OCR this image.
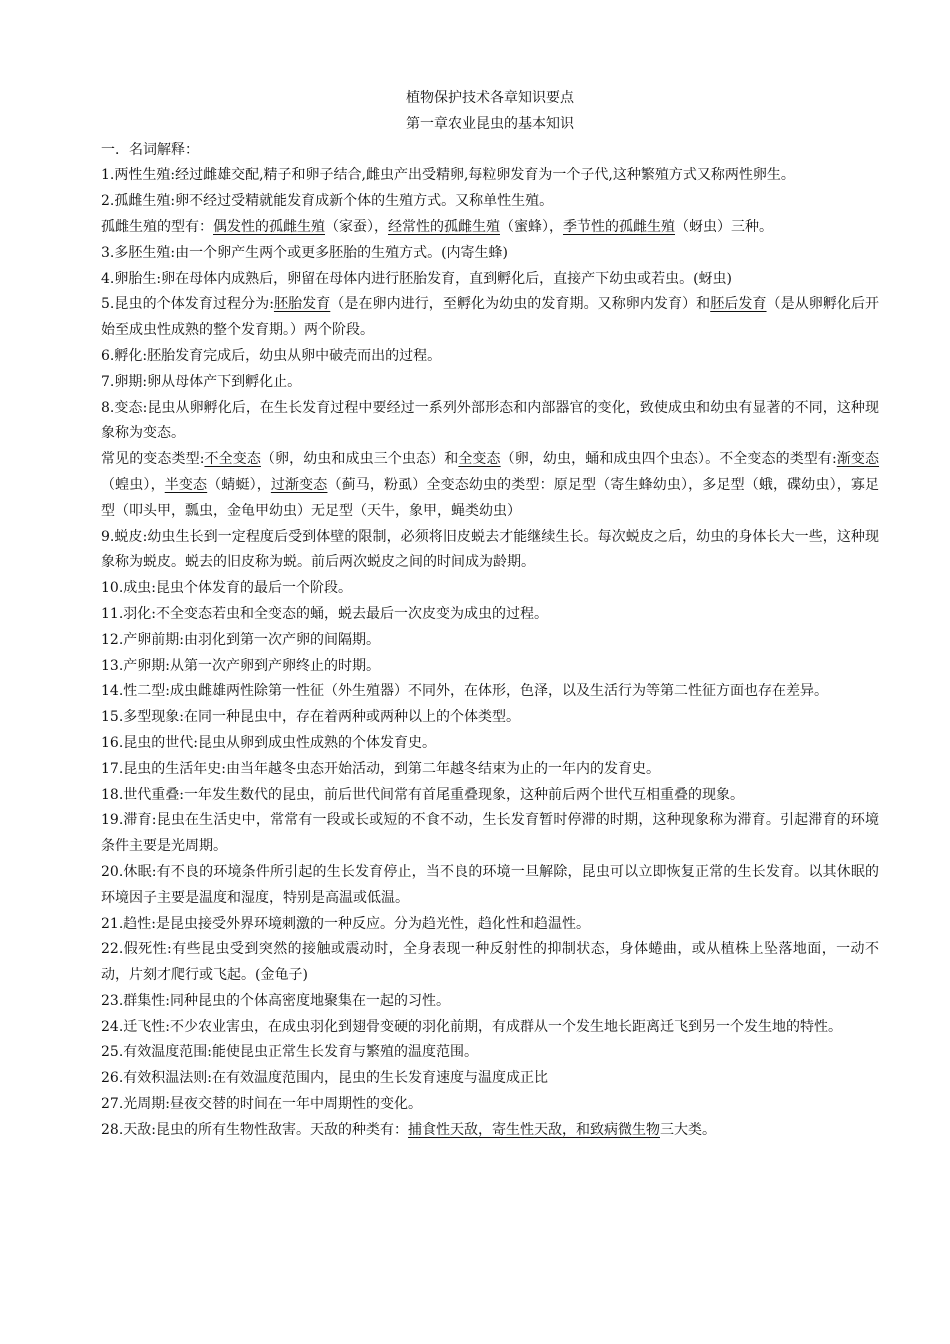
植物保护技术各章知识要点
第一章农业昆虫的基本知识
一．名词解释：
1.两性生殖:经过雌雄交配,精子和卵子结合,雌虫产出受精卵,每粒卵发育为一个子代,这种繁殖方式又称两性卵生。
2.孤雌生殖:卵不经过受精就能发育成新个体的生殖方式。又称单性生殖。
孤雌生殖的型有：偶发性的孤雌生殖（家蚕），经常性的孤雌生殖（蜜蜂），季节性的孤雌生殖（蚜虫）三种。
3.多胚生殖:由一个卵产生两个或更多胚胎的生殖方式。(内寄生蜂)
4.卵胎生:卵在母体内成熟后，卵留在母体内进行胚胎发育，直到孵化后，直接产下幼虫或若虫。(蚜虫)
5.昆虫的个体发育过程分为:胚胎发育（是在卵内进行，至孵化为幼虫的发育期。又称卵内发育）和胚后发育（是从卵孵化后开始至成虫性成熟的整个发育期。）两个阶段。
6.孵化:胚胎发育完成后，幼虫从卵中破壳而出的过程。
7.卵期:卵从母体产下到孵化止。
8.变态:昆虫从卵孵化后，在生长发育过程中要经过一系列外部形态和内部器官的变化，致使成虫和幼虫有显著的不同，这种现象称为变态。
常见的变态类型:不全变态（卵，幼虫和成虫三个虫态）和全变态（卵，幼虫，蛹和成虫四个虫态）。不全变态的类型有:渐变态（蝗虫），半变态（蜻蜓），过渐变态（蓟马，粉虱）全变态幼虫的类型：原足型（寄生蜂幼虫），多足型（蛾，碟幼虫），寡足型（叩头甲，瓢虫，金龟甲幼虫）无足型（天牛，象甲，蝇类幼虫）
9.蜕皮:幼虫生长到一定程度后受到体壁的限制，必须将旧皮蜕去才能继续生长。每次蜕皮之后，幼虫的身体长大一些，这种现象称为蜕皮。蜕去的旧皮称为蜕。前后两次蜕皮之间的时间成为龄期。
10.成虫:昆虫个体发育的最后一个阶段。
11.羽化:不全变态若虫和全变态的蛹，蜕去最后一次皮变为成虫的过程。
12.产卵前期:由羽化到第一次产卵的间隔期。
13.产卵期:从第一次产卵到产卵终止的时期。
14.性二型:成虫雌雄两性除第一性征（外生殖器）不同外，在体形，色泽，以及生活行为等第二性征方面也存在差异。
15.多型现象:在同一种昆虫中，存在着两种或两种以上的个体类型。
16.昆虫的世代:昆虫从卵到成虫性成熟的个体发育史。
17.昆虫的生活年史:由当年越冬虫态开始活动，到第二年越冬结束为止的一年内的发育史。
18.世代重叠:一年发生数代的昆虫，前后世代间常有首尾重叠现象，这种前后两个世代互相重叠的现象。
19.滞育:昆虫在生活史中，常常有一段或长或短的不食不动，生长发育暂时停滞的时期，这种现象称为滞育。引起滞育的环境条件主要是光周期。
20.休眠:有不良的环境条件所引起的生长发育停止，当不良的环境一旦解除，昆虫可以立即恢复正常的生长发育。以其休眠的环境因子主要是温度和湿度，特别是高温或低温。
21.趋性:是昆虫接受外界环境刺激的一种反应。分为趋光性，趋化性和趋温性。
22.假死性:有些昆虫受到突然的接触或震动时，全身表现一种反射性的抑制状态，身体蜷曲，或从植株上坠落地面，一动不动，片刻才爬行或飞起。(金龟子)
23.群集性:同种昆虫的个体高密度地聚集在一起的习性。
24.迁飞性:不少农业害虫，在成虫羽化到翅骨变硬的羽化前期，有成群从一个发生地长距离迁飞到另一个发生地的特性。
25.有效温度范围:能使昆虫正常生长发育与繁殖的温度范围。
26.有效积温法则:在有效温度范围内，昆虫的生长发育速度与温度成正比
27.光周期:昼夜交替的时间在一年中周期性的变化。
28.天敌:昆虫的所有生物性敌害。天敌的种类有：捕食性天敌，寄生性天敌，和致病微生物三大类。
